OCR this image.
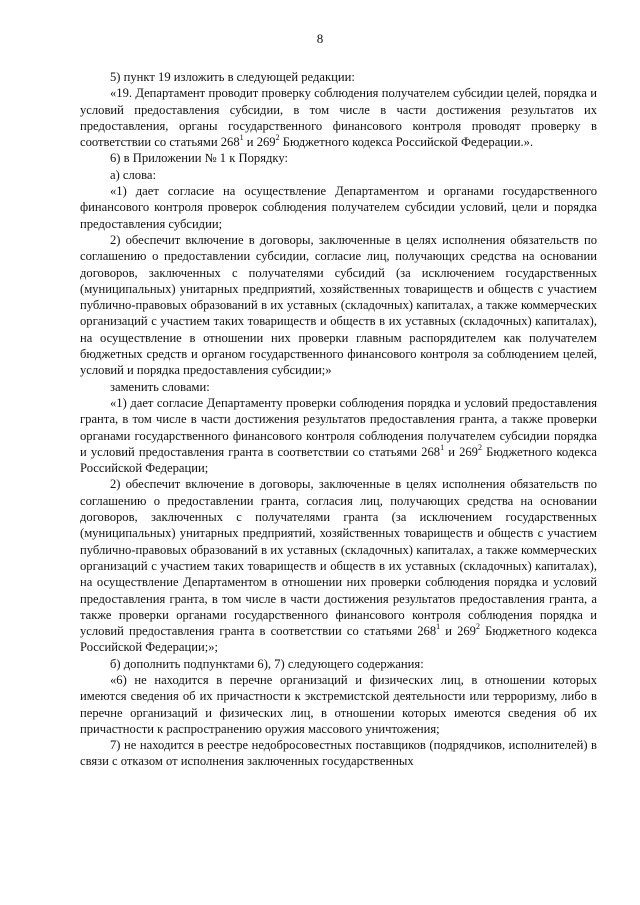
8

5) пункт 19 изложить в следующей редакции:

«19. Департамент проводит проверку соблюдения получателем субсидии целей, порядка и условий предоставления субсидии, в том числе в части достижения результатов их предоставления, органы государственного финансового контроля проводят проверку в соответствии со статьями $268^1$ и $269^2$ Бюджетного кодекса Российской Федерации.».

6) в Приложении № 1 к Порядку:

а) слова:

«1) дает согласие на осуществление Департаментом и органами государственного финансового контроля проверок соблюдения получателем субсидии условий, цели и порядка предоставления субсидии;

2) обеспечит включение в договоры, заключенные в целях исполнения обязательств по соглашению о предоставлении субсидии, согласие лиц, получающих средства на основании договоров, заключенных с получателями субсидий (за исключением государственных (муниципальных) унитарных предприятий, хозяйственных товариществ и обществ с участием публично-правовых образований в их уставных (складочных) капиталах, а также коммерческих организаций с участием таких товариществ и обществ в их уставных (складочных) капиталах), на осуществление в отношении них проверки главным распорядителем как получателем бюджетных средств и органом государственного финансового контроля за соблюдением целей, условий и порядка предоставления субсидии;»

заменить словами:

«1) дает согласие Департаменту проверки соблюдения порядка и условий предоставления гранта, в том числе в части достижения результатов предоставления гранта, а также проверки органами государственного финансового контроля соблюдения получателем субсидии порядка и условий предоставления гранта в соответствии со статьями $268^1$ и $269^2$ Бюджетного кодекса Российской Федерации;

2) обеспечит включение в договоры, заключенные в целях исполнения обязательств по соглашению о предоставлении гранта, согласия лиц, получающих средства на основании договоров, заключенных с получателями гранта (за исключением государственных (муниципальных) унитарных предприятий, хозяйственных товариществ и обществ с участием публично-правовых образований в их уставных (складочных) капиталах, а также коммерческих организаций с участием таких товариществ и обществ в их уставных (складочных) капиталах), на осуществление Департаментом в отношении них проверки соблюдения порядка и условий предоставления гранта, в том числе в части достижения результатов предоставления гранта, а также проверки органами государственного финансового контроля соблюдения порядка и условий предоставления гранта в соответствии со статьями $268^1$ и $269^2$ Бюджетного кодекса Российской Федерации;»;

б) дополнить подпунктами 6), 7) следующего содержания:

«6) не находится в перечне организаций и физических лиц, в отношении которых имеются сведения об их причастности к экстремистской деятельности или терроризму, либо в перечне организаций и физических лиц, в отношении которых имеются сведения об их причастности к распространению оружия массового уничтожения;

7) не находится в реестре недобросовестных поставщиков (подрядчиков, исполнителей) в связи с отказом от исполнения заключенных государственных
